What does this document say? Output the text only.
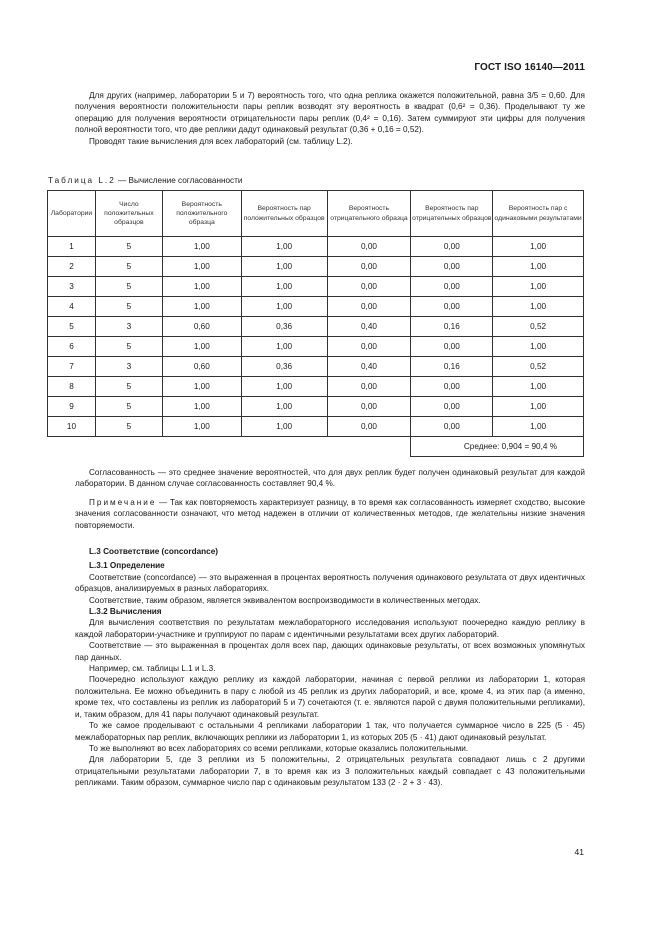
ГОСТ ISO 16140—2011

Для других (например, лаборатории 5 и 7) вероятность того, что одна реплика окажется положительной, равна 3/5 = 0,60. Для получения вероятности положительности пары реплик возводят эту вероятность в квадрат (0,6² = 0,36). Проделывают ту же операцию для получения вероятности отрицательности пары реплик (0,4² = 0,16). Затем суммируют эти цифры для получения полной вероятности того, что две реплики дадут одинаковый результат (0,36 + 0,16 = 0,52).

Проводят такие вычисления для всех лабораторий (см. таблицу L.2).

Таблица L.2 — Вычисление согласованности
Лаборатории	Число положительных образцов	Вероятность положительного образца	Вероятность пар положительных образцов	Вероятность отрицательного образца	Вероятность пар отрицательных образцов	Вероятность пар с одинаковыми результатами
1	5	1,00	1,00	0,00	0,00	1,00
2	5	1,00	1,00	0,00	0,00	1,00
3	5	1,00	1,00	0,00	0,00	1,00
4	5	1,00	1,00	0,00	0,00	1,00
5	3	0,60	0,36	0,40	0,16	0,52
6	5	1,00	1,00	0,00	0,00	1,00
7	3	0,60	0,36	0,40	0,16	0,52
8	5	1,00	1,00	0,00	0,00	1,00
9	5	1,00	1,00	0,00	0,00	1,00
10	5	1,00	1,00	0,00	0,00	1,00
					Среднее: 0,904 = 90,4 %	

Согласованность — это среднее значение вероятностей, что для двух реплик будет получен одинаковый результат для каждой лаборатории. В данном случае согласованность составляет 90,4 %.

Примечание — Так как повторяемость характеризует разницу, в то время как согласованность измеряет сходство, высокие значения согласованности означают, что метод надежен в отличии от количественных методов, где желательны низкие значения повторяемости.

L.3 Соответствие (concordance)

L.3.1 Определение

Соответствие (concordance) — это выраженная в процентах вероятность получения одинакового результата от двух идентичных образцов, анализируемых в разных лабораториях.

Соответствие, таким образом, является эквивалентом воспроизводимости в количественных методах.

L.3.2 Вычисления

Для вычисления соответствия по результатам межлабораторного исследования используют поочередно каждую реплику в каждой лаборатории-участнике и группируют по парам с идентичными результатами всех других лабораторий.

Соответствие — это выраженная в процентах доля всех пар, дающих одинаковые результаты, от всех возможных упомянутых пар данных.

Например, см. таблицы L.1 и L.3.

Поочередно используют каждую реплику из каждой лаборатории, начиная с первой реплики из лаборатории 1, которая положительна. Ее можно объединить в пару с любой из 45 реплик из других лабораторий, и все, кроме 4, из этих пар (а именно, кроме тех, что составлены из реплик из лабораторий 5 и 7) сочетаются (т. е. являются парой с двумя положительными репликами), и, таким образом, для 41 пары получают одинаковый результат.

То же самое проделывают с остальными 4 репликами лаборатории 1 так, что получается суммарное число в 225 (5 · 45) межлабораторных пар реплик, включающих реплики из лаборатории 1, из которых 205 (5 · 41) дают одинаковый результат.

То же выполняют во всех лабораториях со всеми репликами, которые оказались положительными.

Для лаборатории 5, где 3 реплики из 5 положительны, 2 отрицательных результата совпадают лишь с 2 другими отрицательными результатами лаборатории 7, в то время как из 3 положительных каждый совпадает с 43 положительными репликами. Таким образом, суммарное число пар с одинаковым результатом 133 (2 · 2 + 3 · 43).

41
